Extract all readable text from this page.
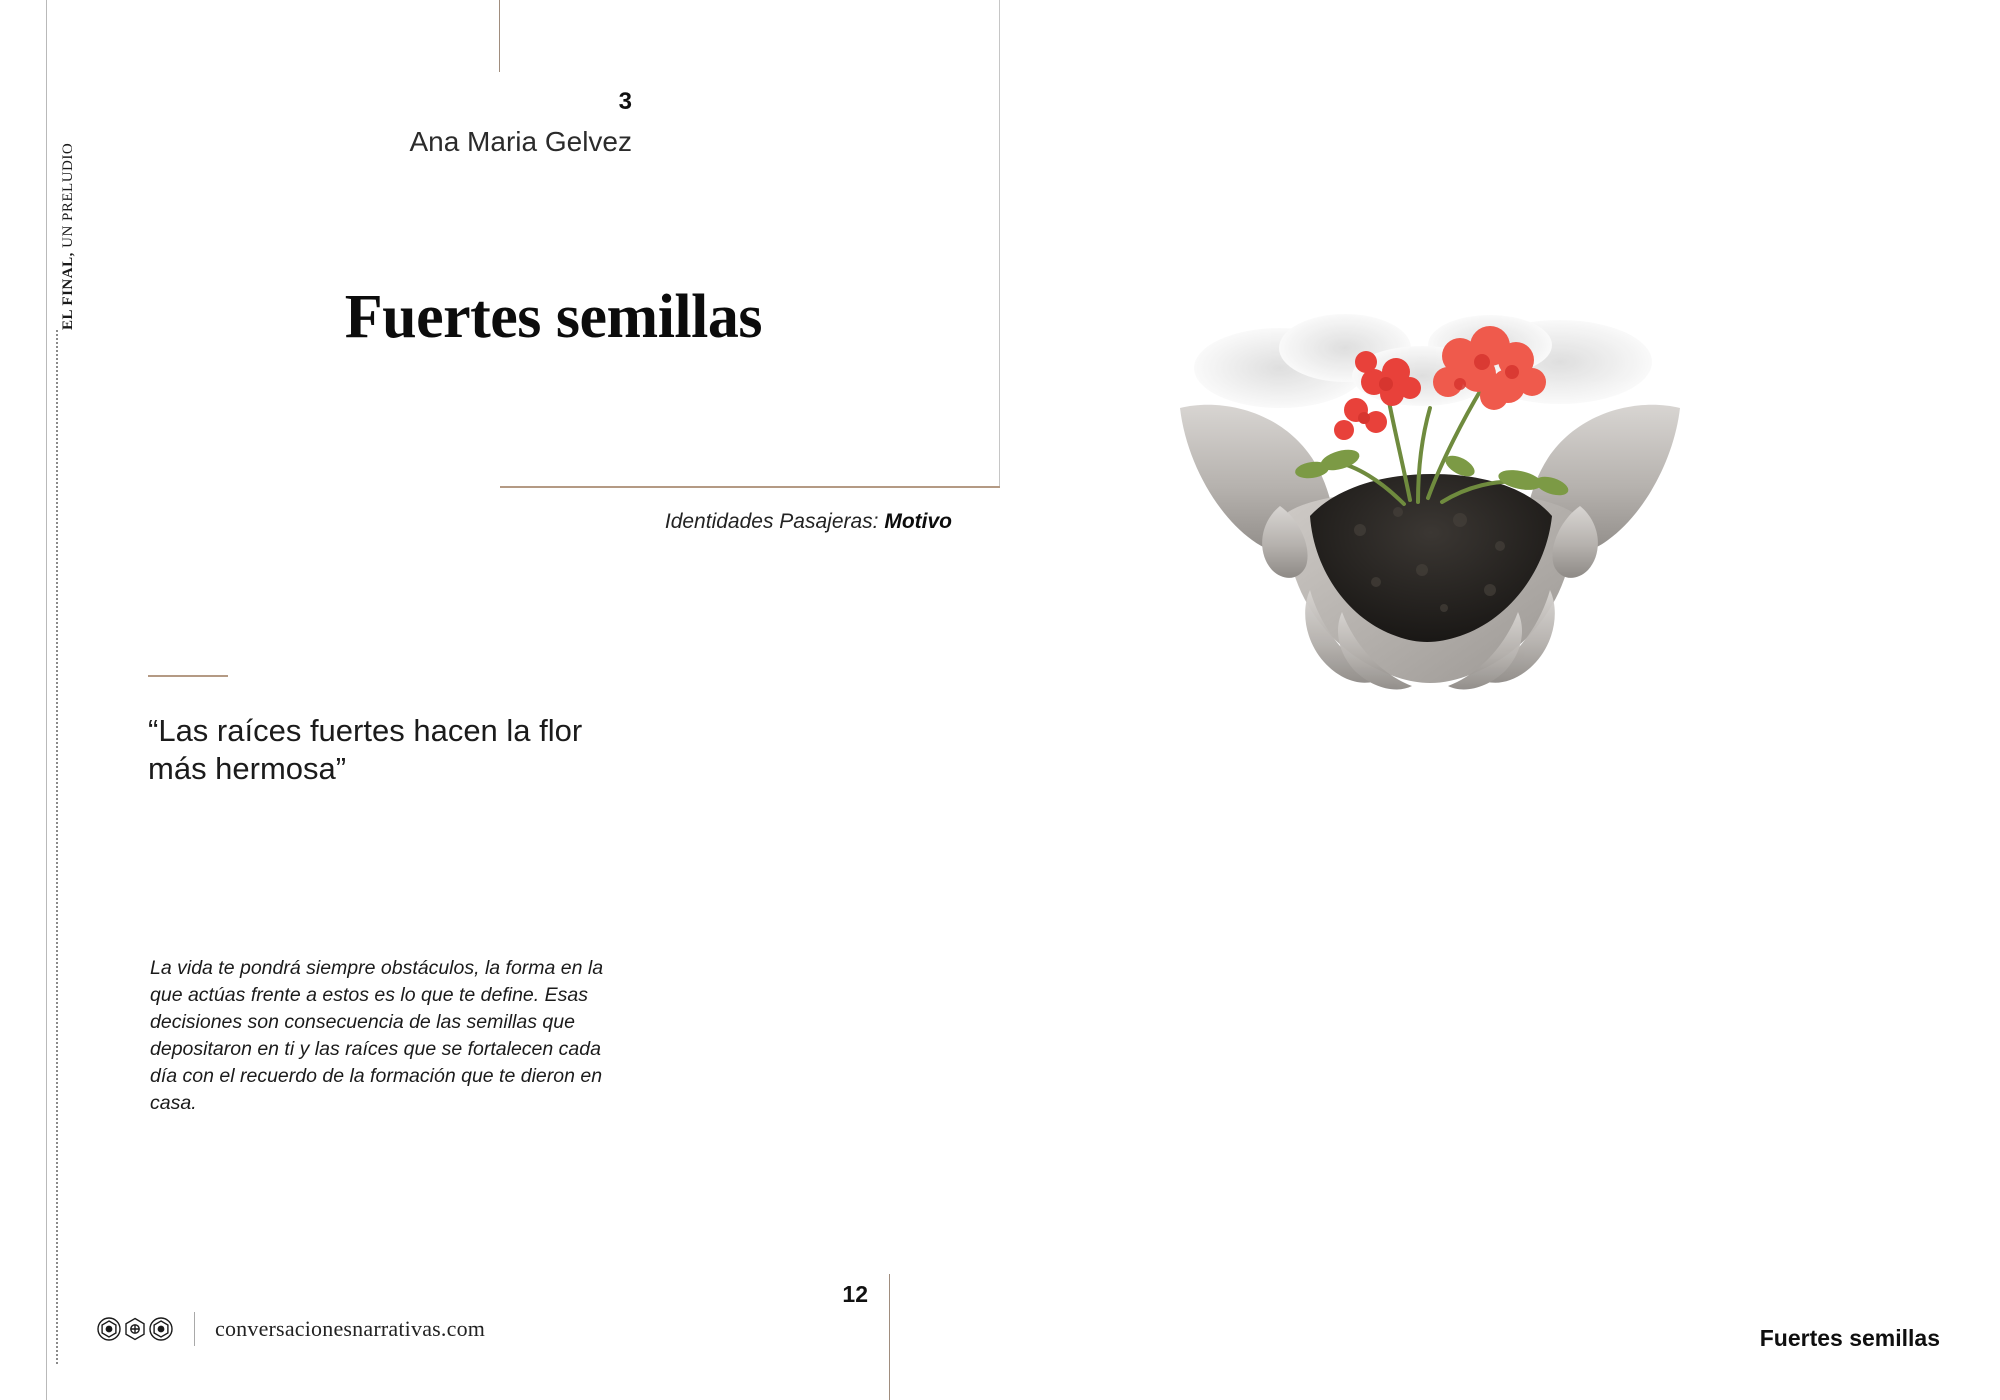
EL FINAL, UN PRELUDIO
3
Ana Maria Gelvez
Fuertes semillas
Identidades Pasajeras: Motivo
“Las raíces fuertes hacen la flor más hermosa”
La vida te pondrá siempre obstáculos, la forma en la que actúas frente a estos es lo que te define. Esas decisiones son consecuencia de las semillas que depositaron en ti y las raíces que se fortalecen cada día con el recuerdo de la formación que te dieron en casa.
12
conversacionesnarrativas.com	Fuertes semillas
